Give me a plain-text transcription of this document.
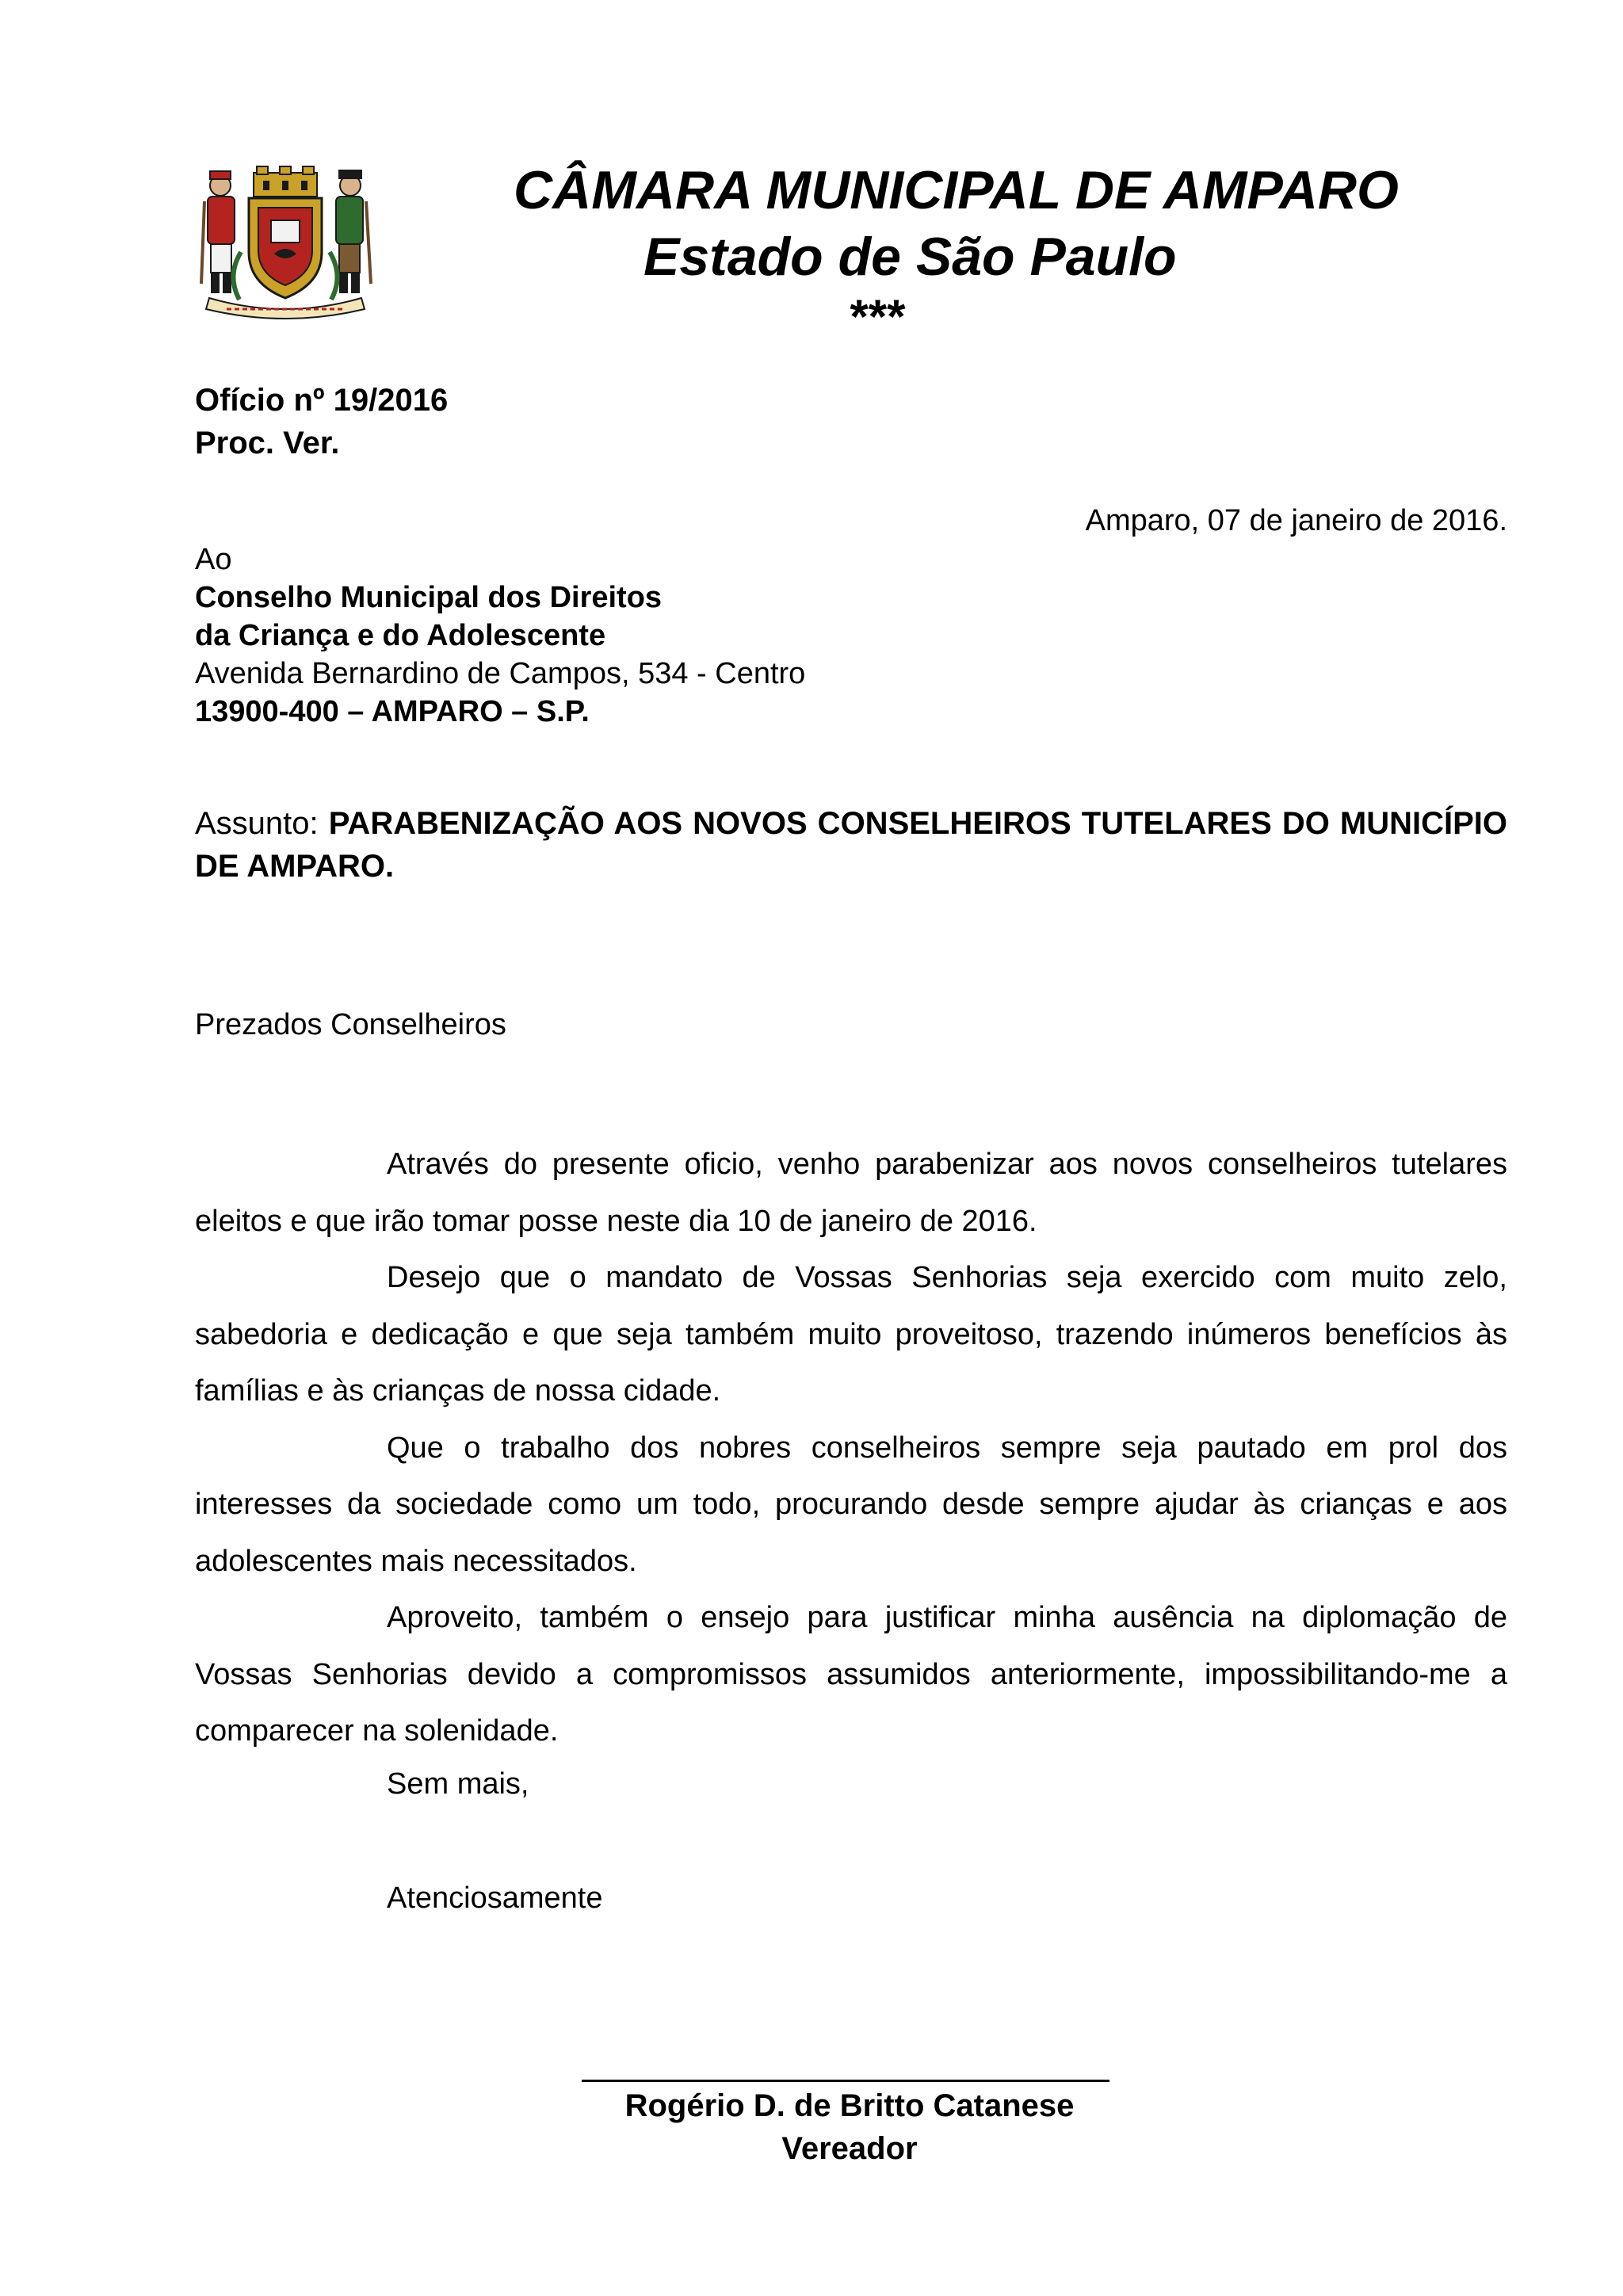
CÂMARA MUNICIPAL DE AMPARO
Estado de São Paulo
***
Ofício nº 19/2016
Proc. Ver.
Amparo, 07 de janeiro de 2016.
Ao
Conselho Municipal dos Direitos
da Criança e do Adolescente
Avenida Bernardino de Campos, 534 - Centro
13900-400 – AMPARO – S.P.
Assunto: PARABENIZAÇÃO AOS NOVOS CONSELHEIROS TUTELARES DO MUNICÍPIO DE AMPARO.
Prezados Conselheiros

Através do presente oficio, venho parabenizar aos novos conselheiros tutelares eleitos e que irão tomar posse neste dia 10 de janeiro de 2016.

Desejo que o mandato de Vossas Senhorias seja exercido com muito zelo, sabedoria e dedicação e que seja também muito proveitoso, trazendo inúmeros benefícios às famílias e às crianças de nossa cidade.

Que o trabalho dos nobres conselheiros sempre seja pautado em prol dos interesses da sociedade como um todo, procurando desde sempre ajudar às crianças e aos adolescentes mais necessitados.

Aproveito, também o ensejo para justificar minha ausência na diplomação de Vossas Senhorias devido a compromissos assumidos anteriormente, impossibilitando-me a comparecer na solenidade.

Sem mais,
Atenciosamente
Rogério D. de Britto Catanese
Vereador
